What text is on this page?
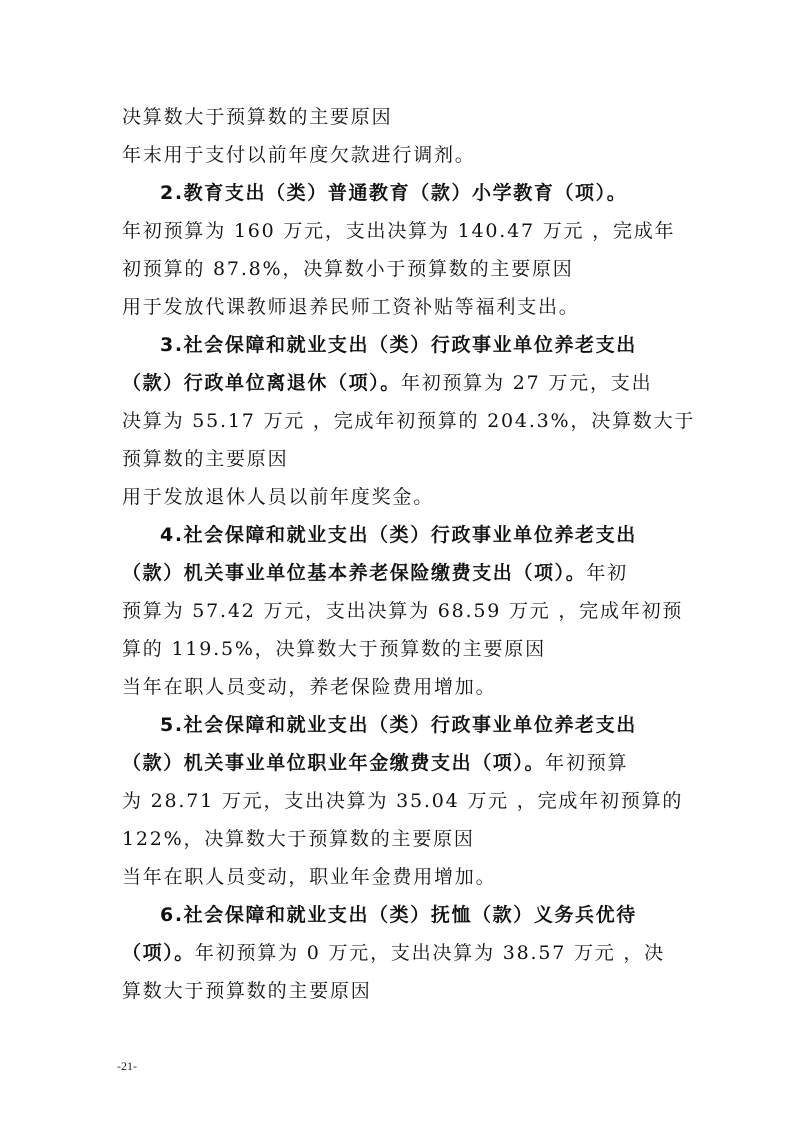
决算数大于预算数的主要原因
年末用于支付以前年度欠款进行调剂。
2.教育支出（类）普通教育（款）小学教育（项）。
年初预算为 160 万元，支出决算为 140.47 万元 ，完成年
初预算的 87.8%，决算数小于预算数的主要原因
用于发放代课教师退养民师工资补贴等福利支出。
3.社会保障和就业支出（类）行政事业单位养老支出
（款）行政单位离退休（项）。年初预算为 27 万元，支出
决算为 55.17 万元 ，完成年初预算的 204.3%，决算数大于
预算数的主要原因
用于发放退休人员以前年度奖金。
4.社会保障和就业支出（类）行政事业单位养老支出
（款）机关事业单位基本养老保险缴费支出（项）。年初
预算为 57.42 万元，支出决算为 68.59 万元 ，完成年初预
算的 119.5%，决算数大于预算数的主要原因
当年在职人员变动，养老保险费用增加。
5.社会保障和就业支出（类）行政事业单位养老支出
（款）机关事业单位职业年金缴费支出（项）。年初预算
为 28.71 万元，支出决算为 35.04 万元 ，完成年初预算的
122%，决算数大于预算数的主要原因
当年在职人员变动，职业年金费用增加。
6.社会保障和就业支出（类）抚恤（款）义务兵优待
（项）。年初预算为 0 万元，支出决算为 38.57 万元 ，决
算数大于预算数的主要原因
-21-
